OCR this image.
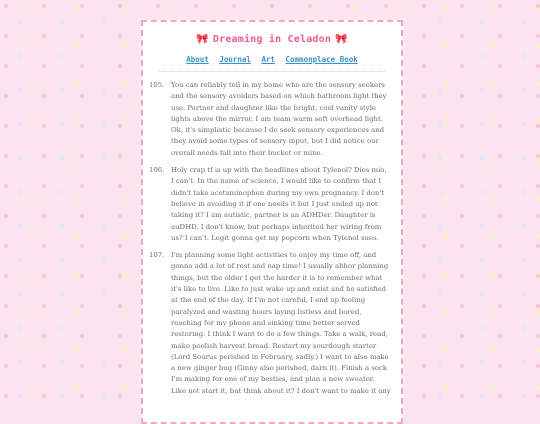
🎀 Dreaming in Celadon 🎀
About Journal Art Commonplace Book
105. You can reliably tell in my home who are the sensory seekers and the sensory avoiders based on which bathroom light they use. Partner and daughter like the bright, cool vanity style lights above the mirror. I am team warm soft overhead light. Ok, it's simplistic because I do seek sensory experiences and they avoid some types of sensory input, but I did notice our overall needs fall into their bucket or mine.
106. Holy crap tf is up with the headlines about Tylenol? Dios mío, I can't. In the name of science, I would like to confirm that I didn't take acetaminophen during my own pregnancy. I don't believe in avoiding it if one needs it but I just ended up not taking it? I am autistic, partner is an ADHDer. Daughter is auDHD. I don't know, but perhaps inherited her wiring from us? I can't. Legit gonna get my popcorn when Tylenol sues.
107. I'm planning some light activities to enjoy my time off, and gonna add a lot of rest and nap time! I usually abhor planning things, but the older I get the harder it is to remember what it's like to live. Like to just wake up and exist and be satisfied at the end of the day. If I'm not careful, I end up feeling paralyzed and wasting hours laying listless and bored, reaching for my phone and sinking time better served restoring. I think I want to do a few things. Take a walk, read, make poolish harvest bread. Restart my sourdough starter (Lord Sourus perished in February, sadly.) I want to also make a new ginger bug (Ginny also perished, darn it). Finish a sock I'm making for one of my besties, and plan a new sweater. Like not start it, but think about it? I don't want to make it any
